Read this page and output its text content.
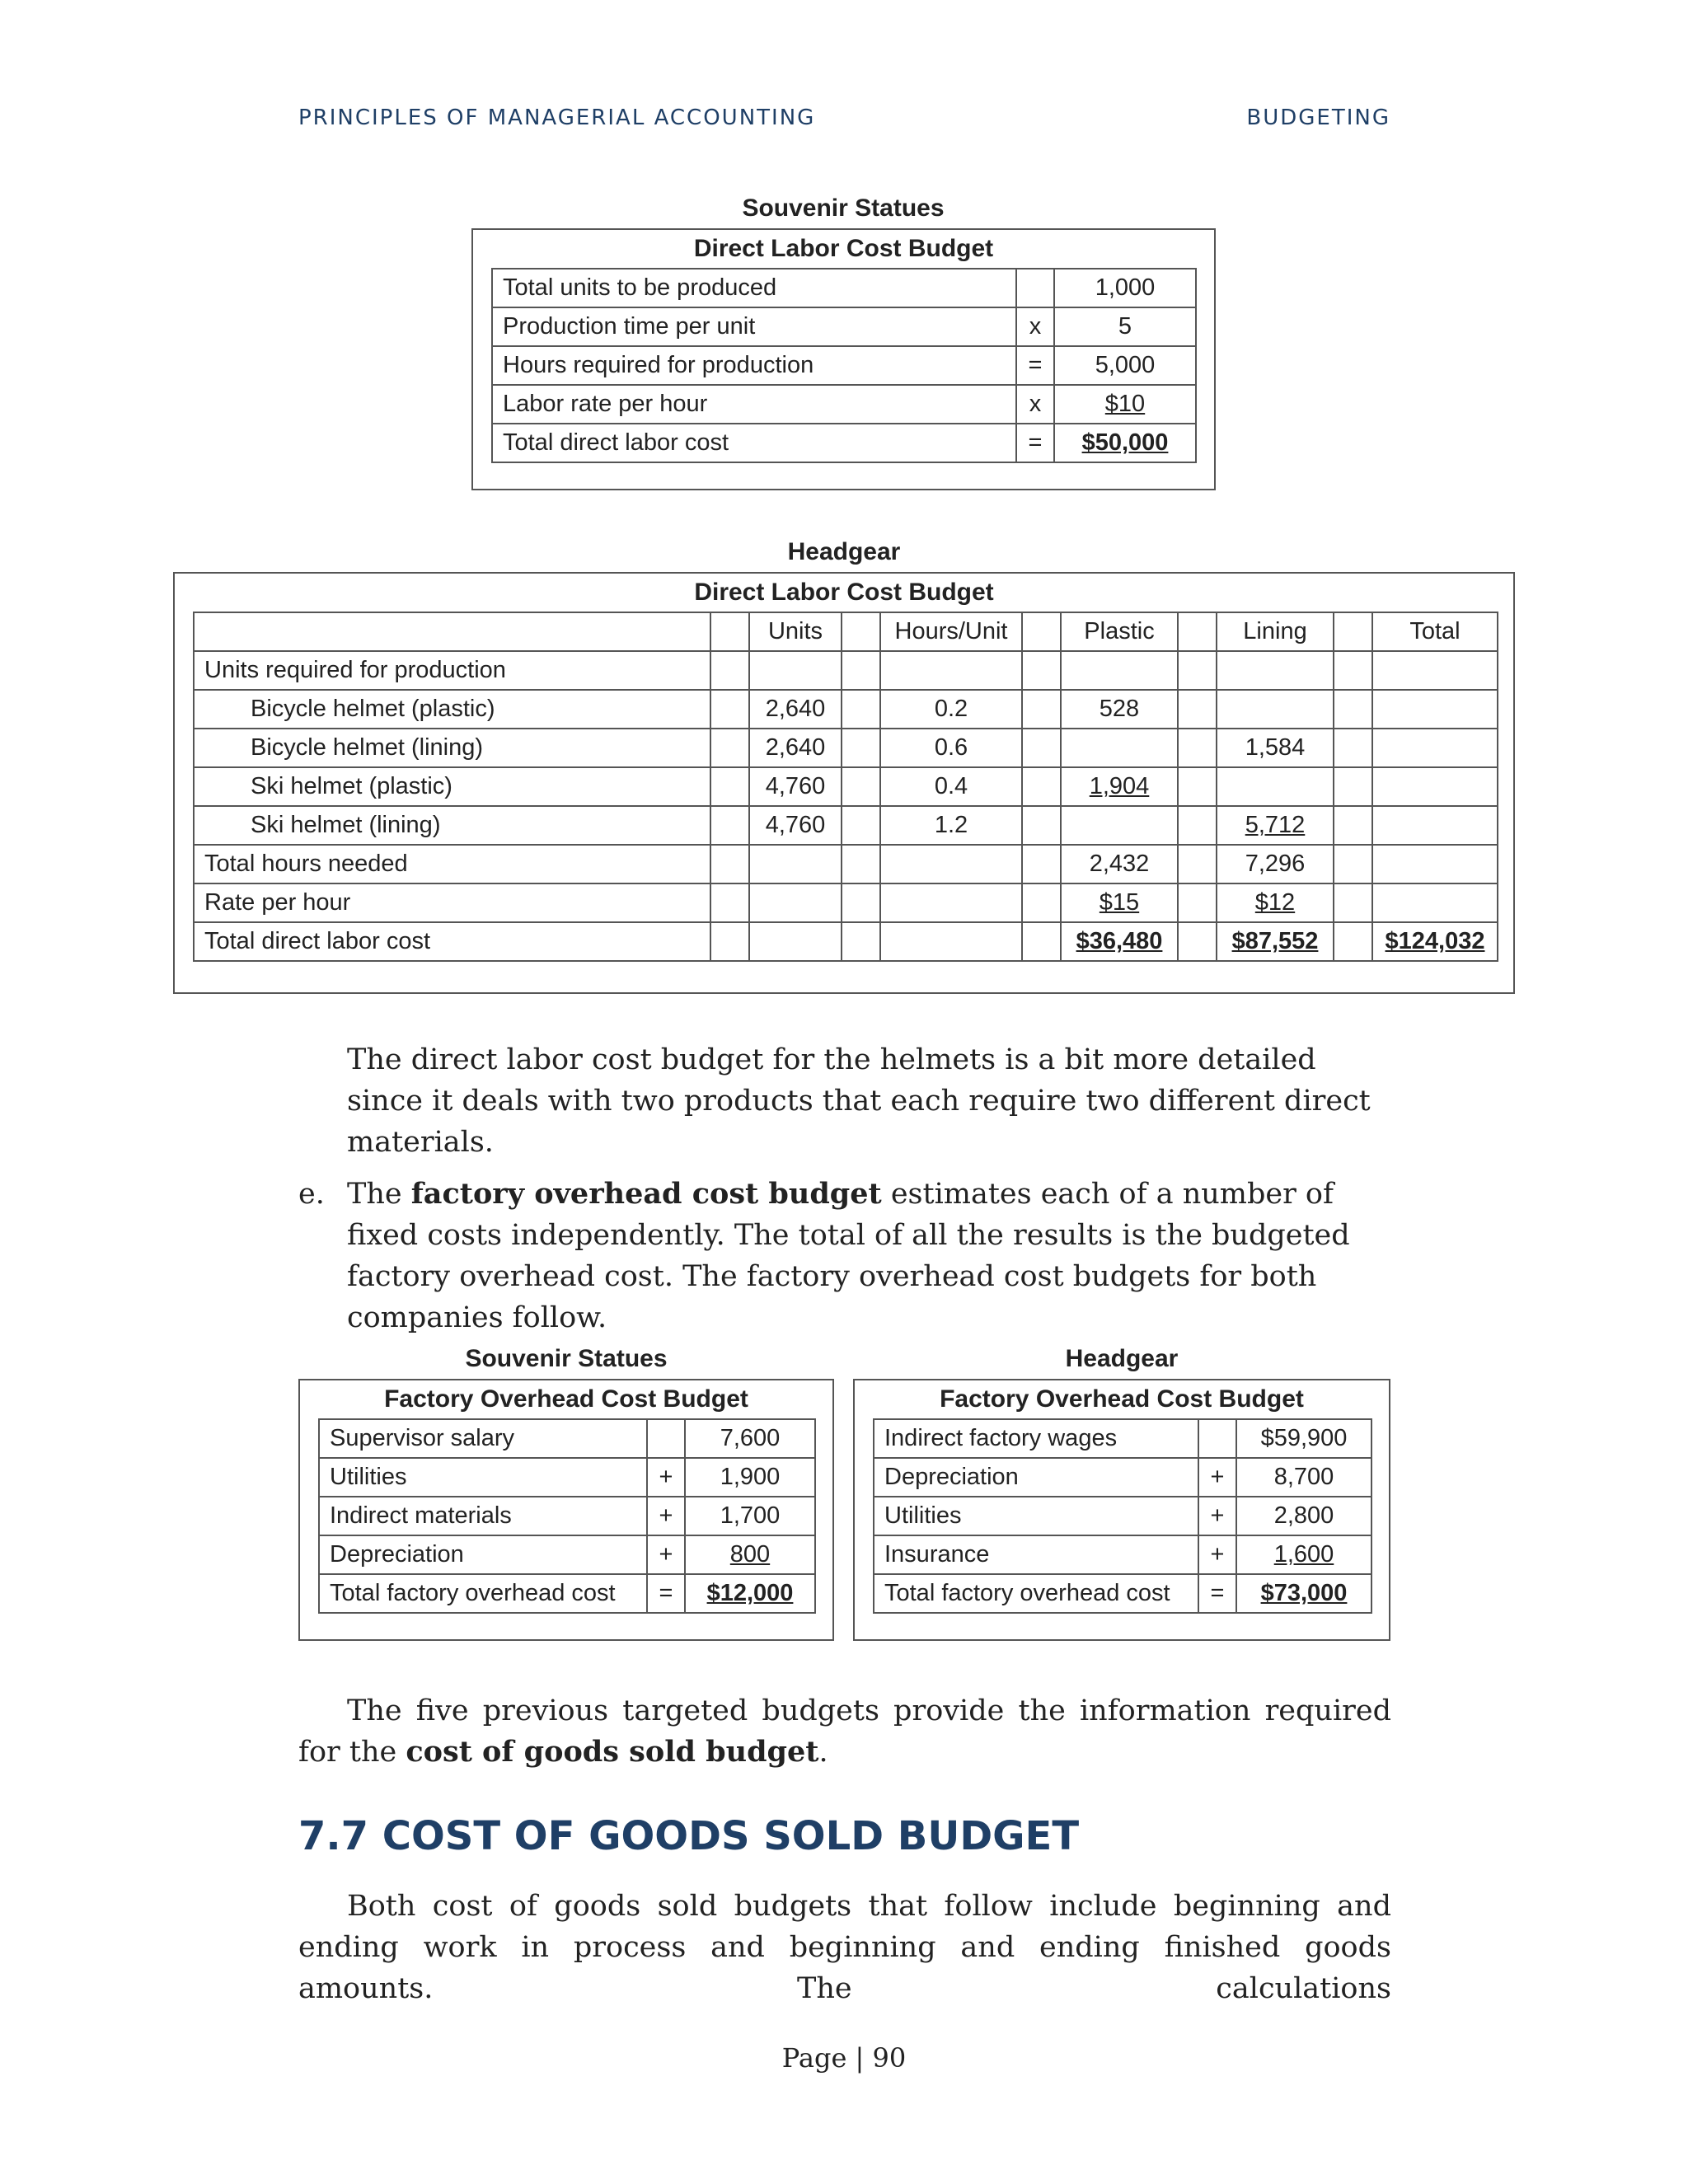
PRINCIPLES OF MANAGERIAL ACCOUNTING	BUDGETING
Souvenir Statues
Direct Labor Cost Budget
Total units to be produced		1,000
Production time per unit	x	5
Hours required for production	=	5,000
Labor rate per hour	x	$10
Total direct labor cost	=	$50,000
Headgear
Direct Labor Cost Budget
		Units		Hours/Unit		Plastic		Lining		Total
Units required for production										
Bicycle helmet (plastic)		2,640		0.2		528				
Bicycle helmet (lining)		2,640		0.6				1,584		
Ski helmet (plastic)		4,760		0.4		1,904				
Ski helmet (lining)		4,760		1.2				5,712		
Total hours needed						2,432		7,296		
Rate per hour						$15		$12		
Total direct labor cost						$36,480		$87,552		$124,032
The direct labor cost budget for the helmets is a bit more detailed since it deals with two products that each require two different direct materials.
e. The factory overhead cost budget estimates each of a number of fixed costs independently. The total of all the results is the budgeted factory overhead cost. The factory overhead cost budgets for both companies follow.
Souvenir Statues
Factory Overhead Cost Budget
Supervisor salary		7,600
Utilities	+	1,900
Indirect materials	+	1,700
Depreciation	+	800
Total factory overhead cost	=	$12,000
Headgear
Factory Overhead Cost Budget
Indirect factory wages		$59,900
Depreciation	+	8,700
Utilities	+	2,800
Insurance	+	1,600
Total factory overhead cost	=	$73,000
The five previous targeted budgets provide the information required for the cost of goods sold budget.
7.7 COST OF GOODS SOLD BUDGET
Both cost of goods sold budgets that follow include beginning and ending work in process and beginning and ending finished goods amounts. The calculations
Page | 90
